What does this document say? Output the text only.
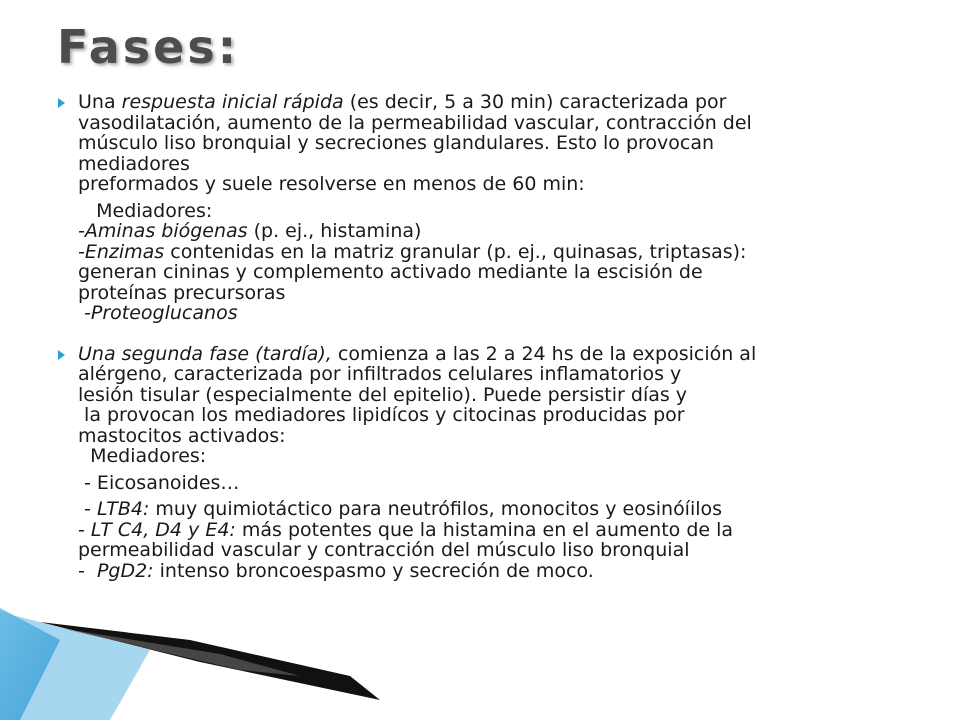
Fases:
Una respuesta inicial rápida (es decir, 5 a 30 min) caracterizada por
vasodilatación, aumento de la permeabilidad vascular, contracción del
músculo liso bronquial y secreciones glandulares. Esto lo provocan
mediadores
preformados y suele resolverse en menos de 60 min:
Mediadores:
-Aminas biógenas (p. ej., histamina)
-Enzimas contenidas en la matriz granular (p. ej., quinasas, triptasas):
generan cininas y complemento activado mediante la escisión de
proteínas precursoras
-Proteoglucanos
Una segunda fase (tardía), comienza a las 2 a 24 hs de la exposición al
alérgeno, caracterizada por infiltrados celulares inflamatorios y
lesión tisular (especialmente del epitelio). Puede persistir días y
la provocan los mediadores lipidícos y citocinas producidas por
mastocitos activados:
Mediadores:
- Eicosanoides…
- LTB4: muy quimiotáctico para neutrófilos, monocitos y eosinóíilos
- LT C4, D4 y E4: más potentes que la histamina en el aumento de la
permeabilidad vascular y contracción del músculo liso bronquial
-  PgD2: intenso broncoespasmo y secreción de moco.
